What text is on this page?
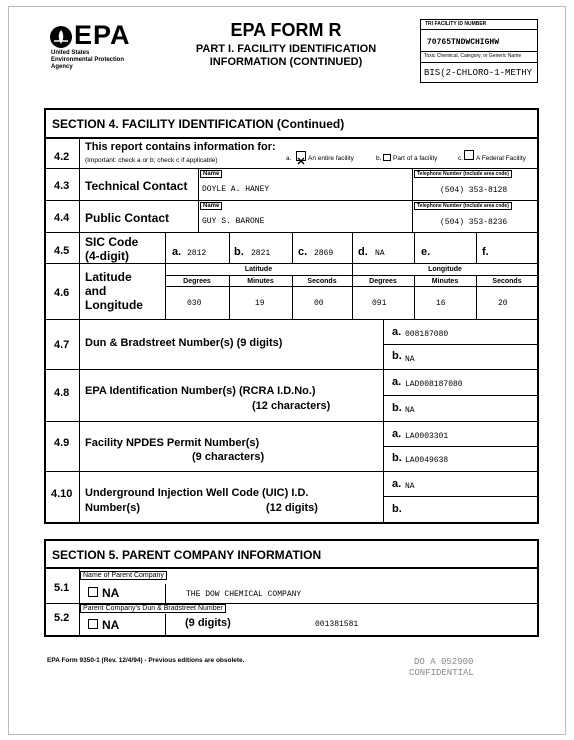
EPA
United States
Environmental Protection
Agency
EPA FORM R
PART I. FACILITY IDENTIFICATION
INFORMATION (CONTINUED)
TRI FACILITY ID NUMBER
70765TNDWCHIGHW
Toxic Chemical, Category, or Generic Name
BIS(2-CHLORO-1-METHY
SECTION 4. FACILITY IDENTIFICATION (Continued)
4.2
This report contains information for:
(Important: check a or b; check c if applicable)	a.	An entire facility	b. Part of a facility	c. A Federal Facility
4.3 Technical Contact
Name
DOYLE A. HANEY
Telephone Number (include area code)
(504) 353-8128
4.4 Public Contact
Name
GUY S. BARONE
Telephone Number (include area code)
(504) 353-8236
4.5
SIC Code
(4-digit)	a. 2812	b. 2821	c. 2869 d. NA	e.	f.
4.6
Latitude
and
Longitude
Latitude	Longitude
Degrees	Minutes	Seconds	Degrees	Minutes	Seconds
030	19	00	091	16	20
4.7 Dun & Bradstreet Number(s) (9 digits)
a. 008187080
b. NA
4.8 EPA Identification Number(s) (RCRA I.D.No.)
(12 characters)
a. LAD008187080
b. NA
4.9 Facility NPDES Permit Number(s)
(9 characters)
a. LA0003301
b. LA0049638
4.10 Underground Injection Well Code (UIC) I.D.
Number(s)	(12 digits)
a. NA
b.
SECTION 5. PARENT COMPANY INFORMATION
5.1
Name of Parent Company
NA	THE DOW CHEMICAL COMPANY
5.2
Parent Company's Dun & Bradstreet Number
NA	(9 digits)	001381581
EPA Form 9350-1 (Rev. 12/4/94) - Previous editions are obsolete.	DO A 052900
CONFIDENTIAL
